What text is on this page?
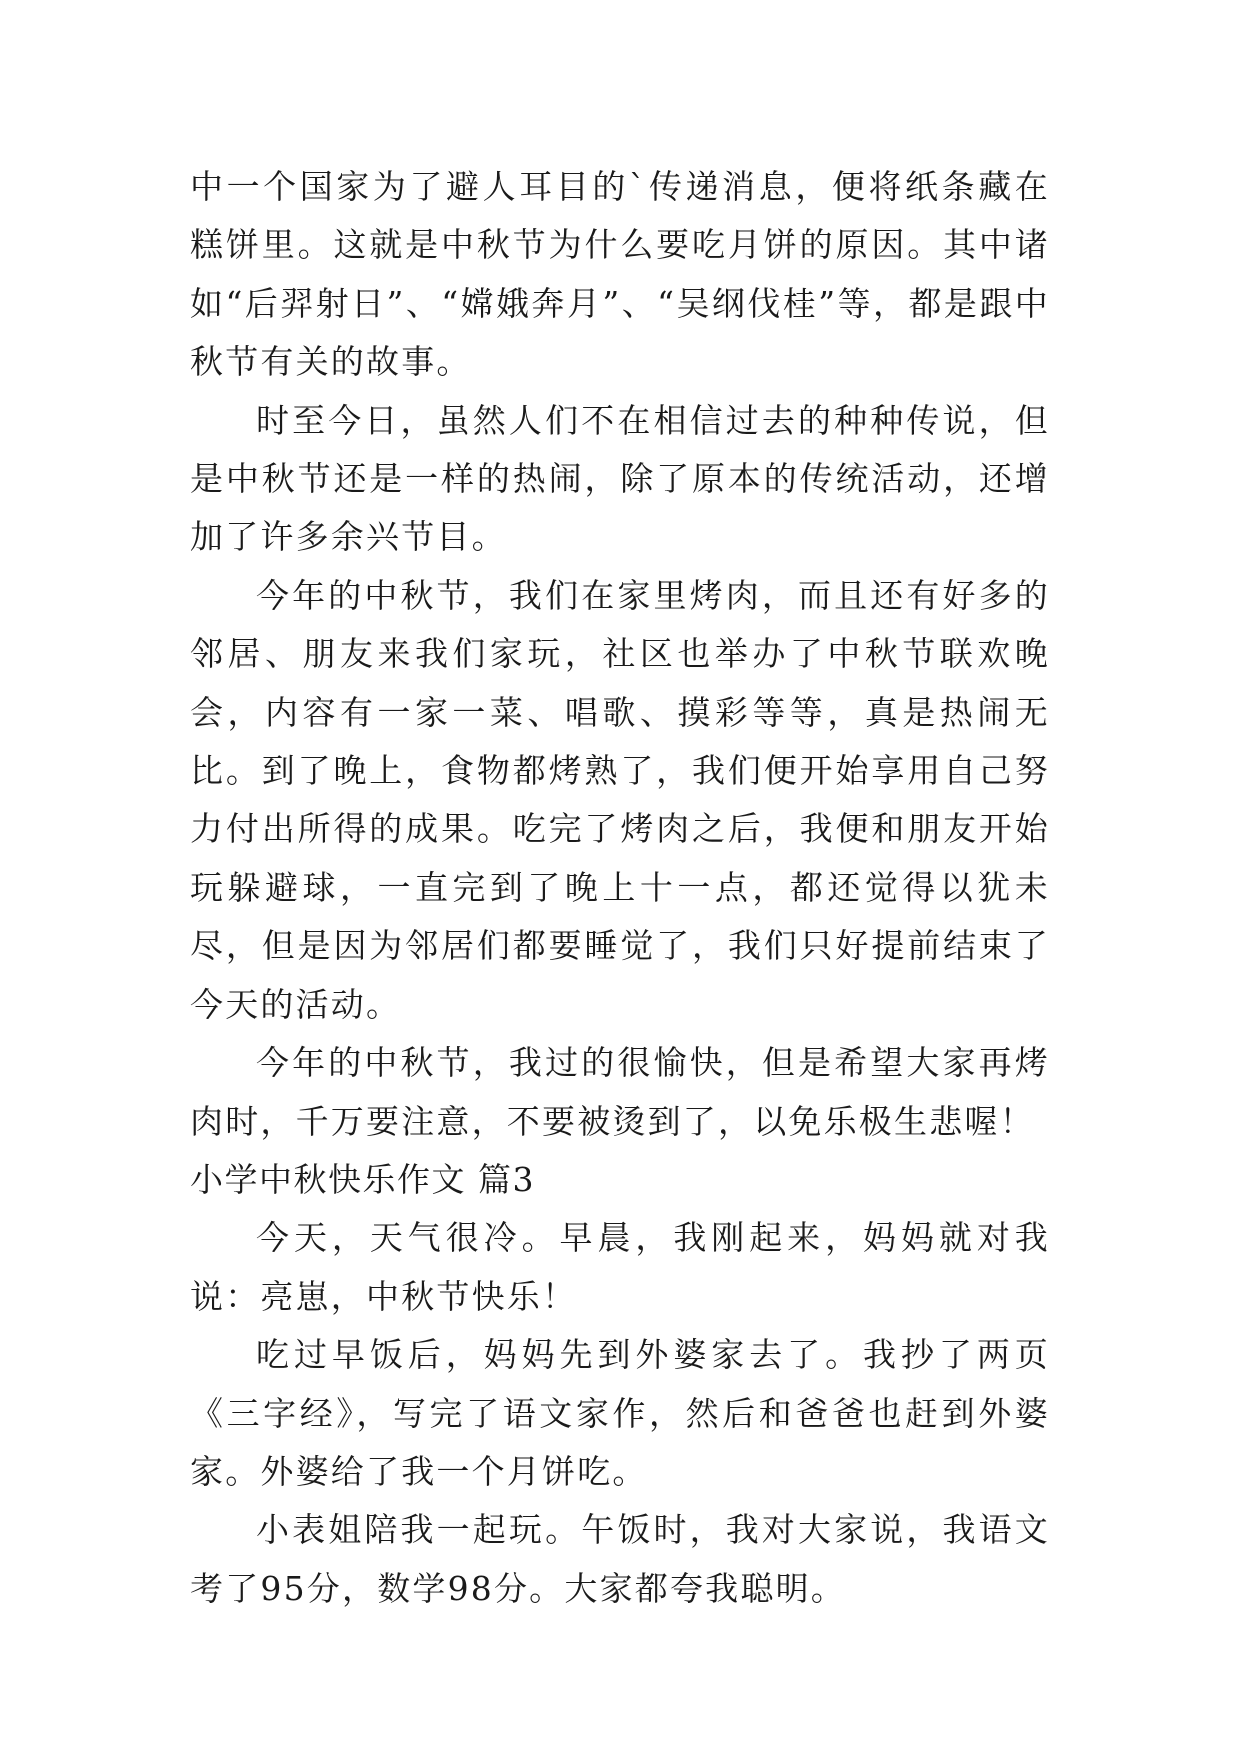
中一个国家为了避人耳目的`传递消息，便将纸条藏在糕饼里。这就是中秋节为什么要吃月饼的原因。其中诸如“后羿射日”、“嫦娥奔月”、“吴纲伐桂”等，都是跟中秋节有关的故事。

时至今日，虽然人们不在相信过去的种种传说，但是中秋节还是一样的热闹，除了原本的传统活动，还增加了许多余兴节目。

今年的中秋节，我们在家里烤肉，而且还有好多的邻居、朋友来我们家玩，社区也举办了中秋节联欢晚会，内容有一家一菜、唱歌、摸彩等等，真是热闹无比。到了晚上，食物都烤熟了，我们便开始享用自己努力付出所得的成果。吃完了烤肉之后，我便和朋友开始玩躲避球，一直完到了晚上十一点，都还觉得以犹未尽，但是因为邻居们都要睡觉了，我们只好提前结束了今天的活动。

今年的中秋节，我过的很愉快，但是希望大家再烤肉时，千万要注意，不要被烫到了，以免乐极生悲喔！

小学中秋快乐作文 篇3

今天，天气很冷。早晨，我刚起来，妈妈就对我说：亮崽，中秋节快乐！

吃过早饭后，妈妈先到外婆家去了。我抄了两页《三字经》，写完了语文家作，然后和爸爸也赶到外婆家。外婆给了我一个月饼吃。

小表姐陪我一起玩。午饭时，我对大家说，我语文考了95分，数学98分。大家都夸我聪明。
